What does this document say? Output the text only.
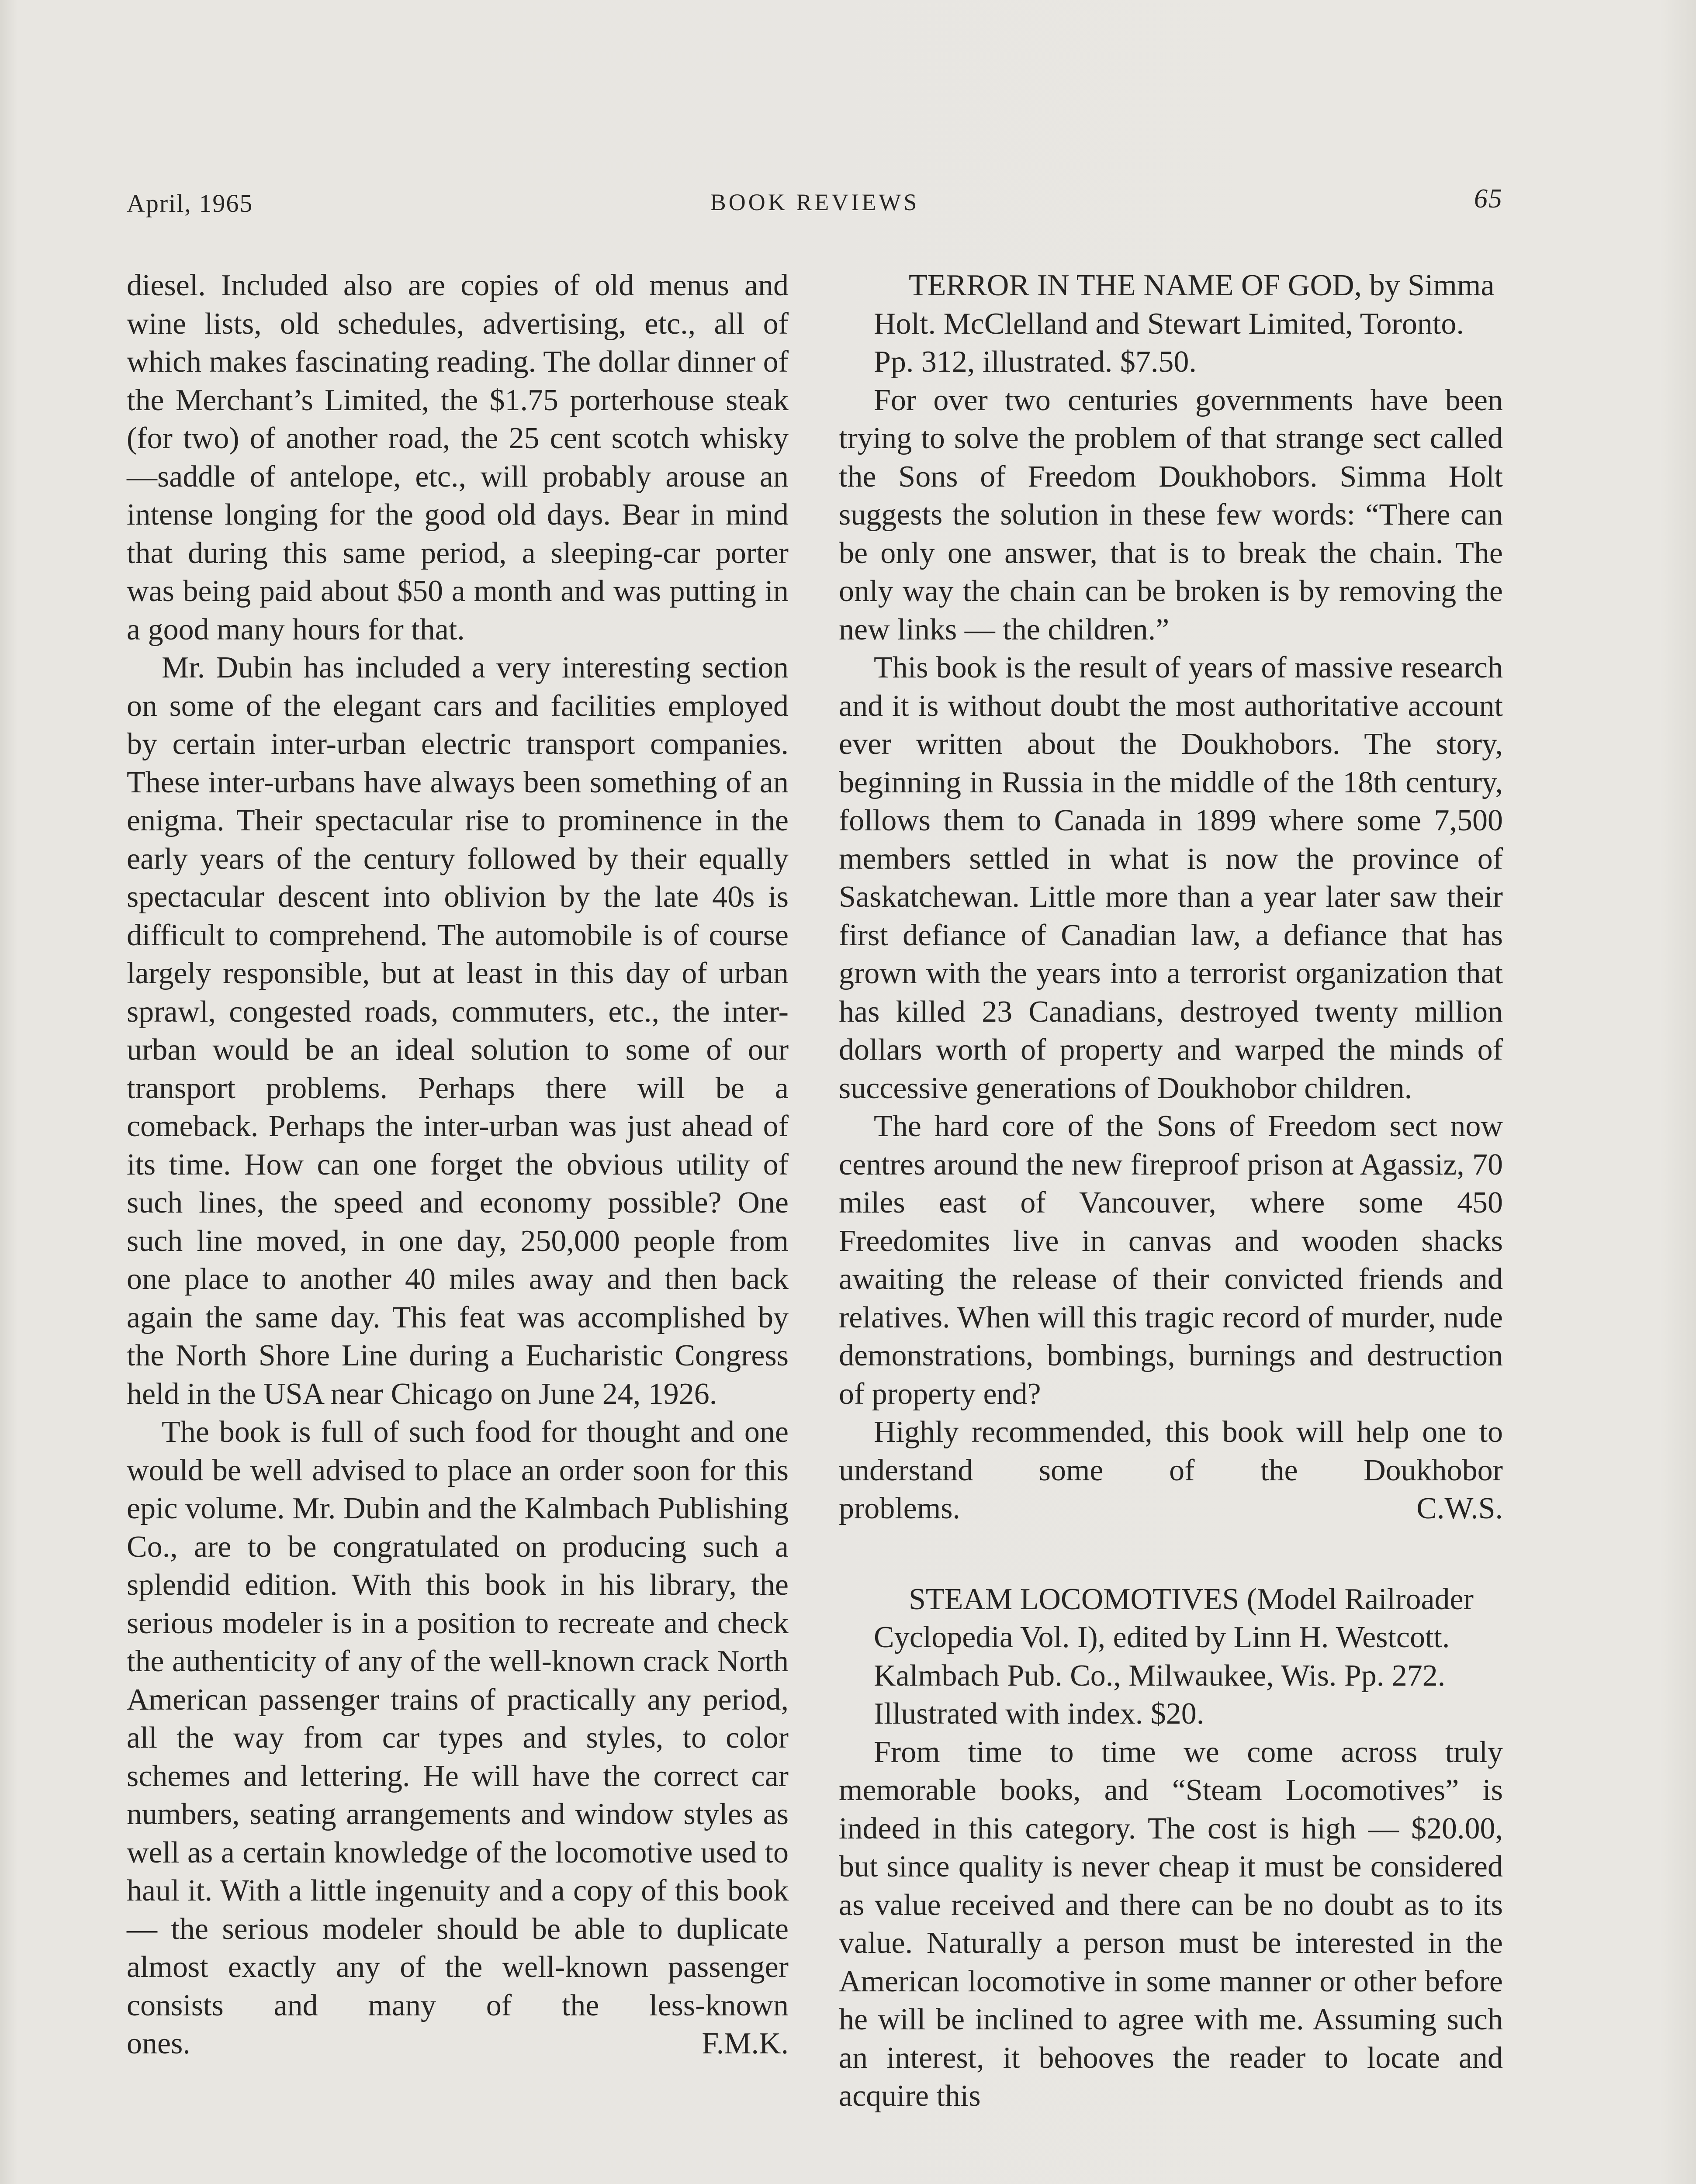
April, 1965	BOOK REVIEWS	65

diesel. Included also are copies of old menus and wine lists, old schedules, advertising, etc., all of which makes fascinating reading. The dollar dinner of the Merchant’s Limited, the $1.75 porterhouse steak (for two) of another road, the 25 cent scotch whisky—saddle of antelope, etc., will probably arouse an intense longing for the good old days. Bear in mind that during this same period, a sleeping-car porter was being paid about $50 a month and was putting in a good many hours for that.

Mr. Dubin has included a very interesting section on some of the elegant cars and facilities employed by certain inter-urban electric transport companies. These inter-urbans have always been something of an enigma. Their spectacular rise to prominence in the early years of the century followed by their equally spectacular descent into oblivion by the late 40s is difficult to comprehend. The automobile is of course largely responsible, but at least in this day of urban sprawl, congested roads, commuters, etc., the inter-urban would be an ideal solution to some of our transport problems. Perhaps there will be a comeback. Perhaps the inter-urban was just ahead of its time. How can one forget the obvious utility of such lines, the speed and economy possible? One such line moved, in one day, 250,000 people from one place to another 40 miles away and then back again the same day. This feat was accomplished by the North Shore Line during a Eucharistic Congress held in the USA near Chicago on June 24, 1926.

The book is full of such food for thought and one would be well advised to place an order soon for this epic volume. Mr. Dubin and the Kalmbach Publishing Co., are to be congratulated on producing such a splendid edition. With this book in his library, the serious modeler is in a position to recreate and check the authenticity of any of the well-known crack North American passenger trains of practically any period, all the way from car types and styles, to color schemes and lettering. He will have the correct car numbers, seating arrangements and window styles as well as a certain knowledge of the locomotive used to haul it. With a little ingenuity and a copy of this book — the serious modeler should be able to duplicate almost exactly any of the well-known passenger consists and many of the less-known ones.	F.M.K.

TERROR IN THE NAME OF GOD, by Simma Holt. McClelland and Stewart Limited, Toronto. Pp. 312, illustrated. $7.50.

For over two centuries governments have been trying to solve the problem of that strange sect called the Sons of Freedom Doukhobors. Simma Holt suggests the solution in these few words: “There can be only one answer, that is to break the chain. The only way the chain can be broken is by removing the new links — the children.”

This book is the result of years of massive research and it is without doubt the most authoritative account ever written about the Doukhobors. The story, beginning in Russia in the middle of the 18th century, follows them to Canada in 1899 where some 7,500 members settled in what is now the province of Saskatchewan. Little more than a year later saw their first defiance of Canadian law, a defiance that has grown with the years into a terrorist organization that has killed 23 Canadians, destroyed twenty million dollars worth of property and warped the minds of successive generations of Doukhobor children.

The hard core of the Sons of Freedom sect now centres around the new fireproof prison at Agassiz, 70 miles east of Vancouver, where some 450 Freedomites live in canvas and wooden shacks awaiting the release of their convicted friends and relatives. When will this tragic record of murder, nude demonstrations, bombings, burnings and destruction of property end?

Highly recommended, this book will help one to understand some of the Doukhobor problems.	C.W.S.

STEAM LOCOMOTIVES (Model Railroader Cyclopedia Vol. I), edited by Linn H. Westcott. Kalmbach Pub. Co., Milwaukee, Wis. Pp. 272. Illustrated with index. $20.

From time to time we come across truly memorable books, and “Steam Locomotives” is indeed in this category. The cost is high — $20.00, but since quality is never cheap it must be considered as value received and there can be no doubt as to its value. Naturally a person must be interested in the American locomotive in some manner or other before he will be inclined to agree with me. Assuming such an interest, it behooves the reader to locate and acquire this
